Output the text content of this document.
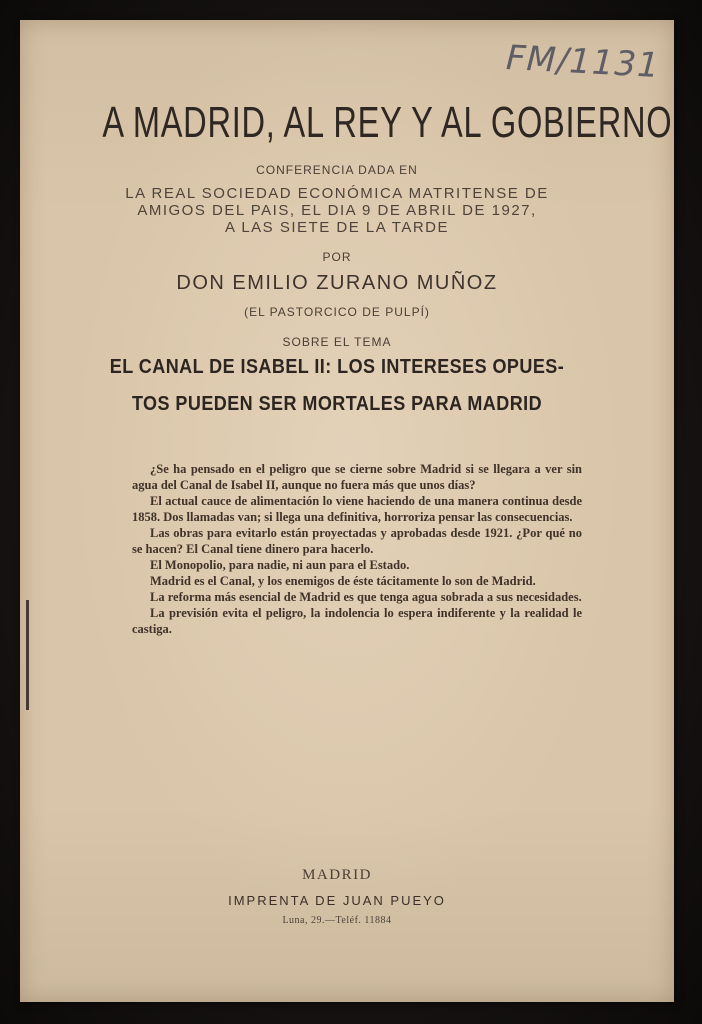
FM/1131
A MADRID, AL REY Y AL GOBIERNO
CONFERENCIA DADA EN
LA REAL SOCIEDAD ECONÓMICA MATRITENSE DE
AMIGOS DEL PAIS, EL DIA 9 DE ABRIL DE 1927,
A LAS SIETE DE LA TARDE
POR
DON EMILIO ZURANO MUÑOZ
(EL PASTORCICO DE PULPÍ)
SOBRE EL TEMA
EL CANAL DE ISABEL II: LOS INTERESES OPUES-
TOS PUEDEN SER MORTALES PARA MADRID

¿Se ha pensado en el peligro que se cierne sobre Madrid si se llegara a ver sin agua del Canal de Isabel II, aunque no fuera más que unos días?

El actual cauce de alimentación lo viene haciendo de una manera continua desde 1858. Dos llamadas van; si llega una definitiva, horroriza pensar las consecuencias.

Las obras para evitarlo están proyectadas y aprobadas desde 1921. ¿Por qué no se hacen? El Canal tiene dinero para hacerlo.

El Monopolio, para nadie, ni aun para el Estado.

Madrid es el Canal, y los enemigos de éste tácitamente lo son de Madrid.

La reforma más esencial de Madrid es que tenga agua sobrada a sus necesidades.

La previsión evita el peligro, la indolencia lo espera indiferente y la realidad le castiga.

MADRID
IMPRENTA DE JUAN PUEYO
Luna, 29.—Teléf. 11884
